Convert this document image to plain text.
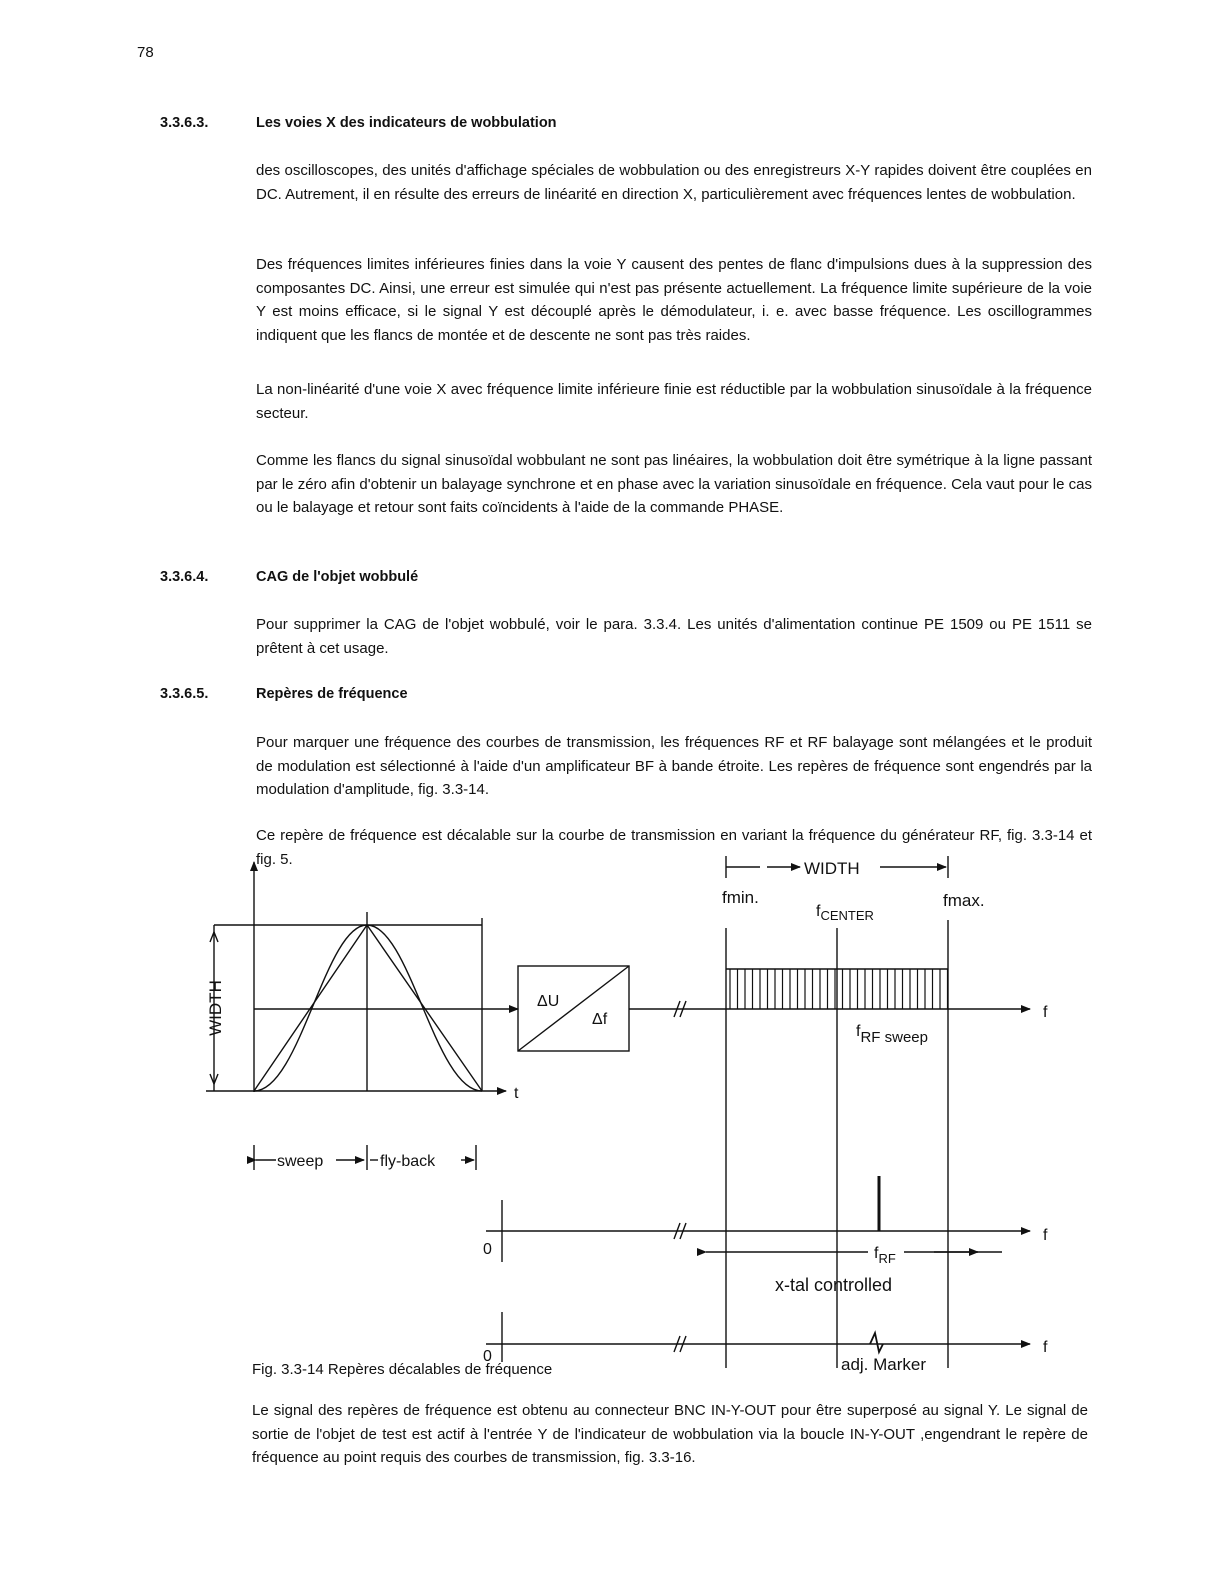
78
3.3.6.3.	Les voies X des indicateurs de wobbulation

des oscilloscopes, des unités d'affichage spéciales de wobbulation ou des enregistreurs X-Y rapides doivent être couplées en DC. Autrement, il en résulte des erreurs de linéarité en direction X, particulièrement avec fréquences lentes de wobbulation.

Des fréquences limites inférieures finies dans la voie Y causent des pentes de flanc d'impulsions dues à la suppression des composantes DC. Ainsi, une erreur est simulée qui n'est pas présente actuellement. La fréquence limite supérieure de la voie Y est moins efficace, si le signal Y est découplé après le démodulateur, i. e. avec basse fréquence. Les oscillogrammes indiquent que les flancs de montée et de descente ne sont pas très raides.

La non-linéarité d'une voie X avec fréquence limite inférieure finie est réductible par la wobbulation sinusoïdale à la fréquence secteur.

Comme les flancs du signal sinusoïdal wobbulant ne sont pas linéaires, la wobbulation doit être symétrique à la ligne passant par le zéro afin d'obtenir un balayage synchrone et en phase avec la variation sinusoïdale en fréquence. Cela vaut pour le cas ou le balayage et retour sont faits coïncidents à l'aide de la commande PHASE.

3.3.6.4.	CAG de l'objet wobbulé

Pour supprimer la CAG de l'objet wobbulé, voir le para. 3.3.4. Les unités d'alimentation continue PE 1509 ou PE 1511 se prêtent à cet usage.

3.3.6.5.	Repères de fréquence

Pour marquer une fréquence des courbes de transmission, les fréquences RF et RF balayage sont mélangées et le produit de modulation est sélectionné à l'aide d'un amplificateur BF à bande étroite. Les repères de fréquence sont engendrés par la modulation d'amplitude, fig. 3.3-14.

Ce repère de fréquence est décalable sur la courbe de transmission en variant la fréquence du générateur RF, fig. 3.3-14 et fig. 5.

WIDTH
t
sweep	fly-back
ΔU
Δf
WIDTH
fmin.	fmax.
$f_{CENTER}$
f
fRF sweep
0
f
$f_{RF}$
x-tal controlled
0
f
adj. Marker
Fig. 3.3-14 Repères décalables de fréquence

Le signal des repères de fréquence est obtenu au connecteur BNC IN-Y-OUT pour être superposé au signal Y. Le signal de sortie de l'objet de test est actif à l'entrée Y de l'indicateur de wobbulation via la boucle IN-Y-OUT ,engendrant le repère de fréquence au point requis des courbes de transmission, fig. 3.3-16.
